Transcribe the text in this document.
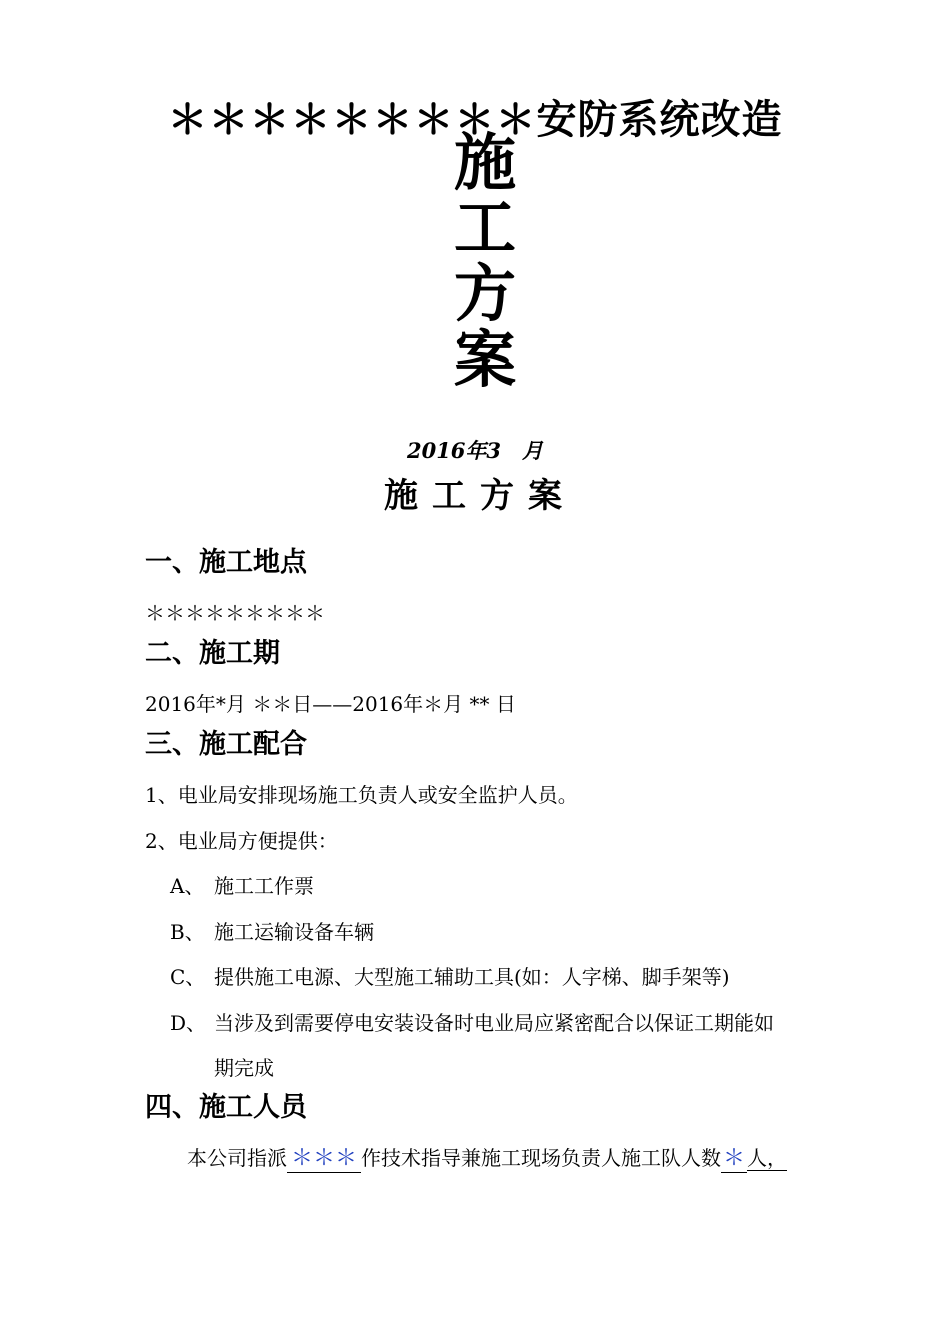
＊＊＊＊＊＊＊＊＊安防系统改造
施
工
方
案
2016年3　月
施工方案
一、施工地点
＊＊＊＊＊＊＊＊＊
二、施工期
2016年*月 ＊＊日——2016年＊月 ** 日
三、施工配合
1、电业局安排现场施工负责人或安全监护人员。
2、电业局方便提供：
A、 施工工作票
B、 施工运输设备车辆
C、 提供施工电源、大型施工辅助工具(如：人字梯、脚手架等)
D、 当涉及到需要停电安装设备时电业局应紧密配合以保证工期能如
期完成
四、施工人员
本公司指派 ＊＊＊ 作技术指导兼施工现场负责人施工队人数＊ 人，
